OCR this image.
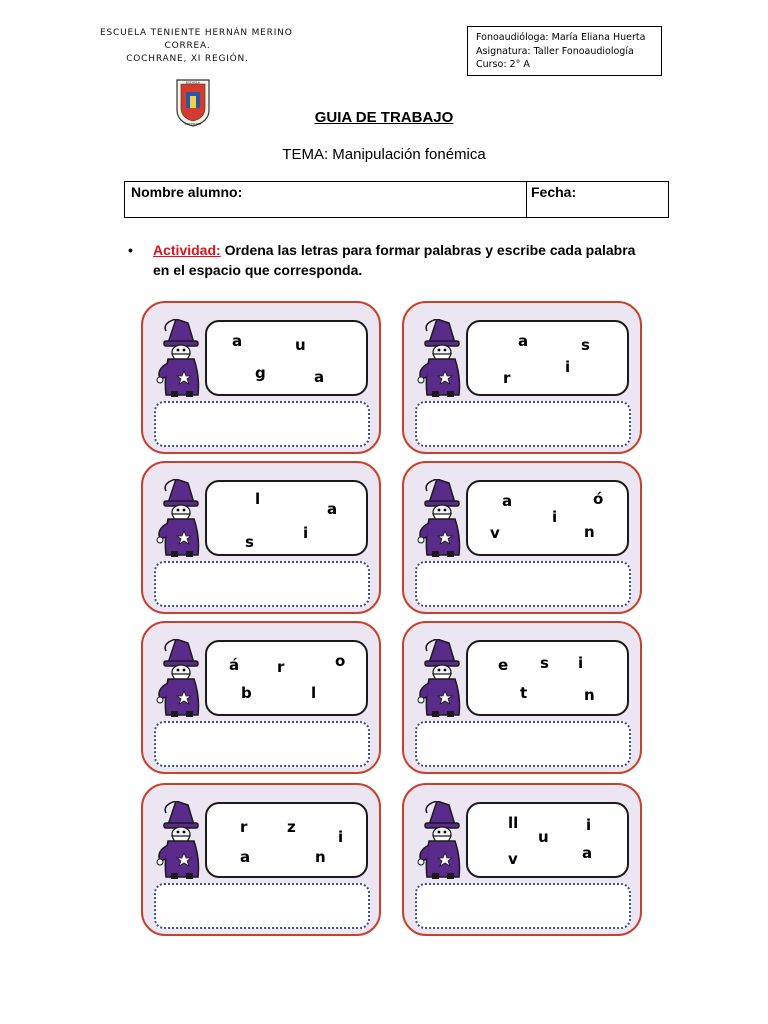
ESCUELA TENIENTE HERNÁN MERINO
CORREA.
COCHRANE, XI REGIÓN.
ESCUELA
COCHRANE
Fonoaudióloga: María Eliana Huerta
Asignatura: Taller Fonoaudiología
Curso: 2° A
GUIA DE TRABAJO
TEMA: Manipulación fonémica
Nombre alumno:	Fecha:
• Actividad: Ordena las letras para formar palabras y escribe cada palabra en el espacio que corresponda.
a	u
g	a
a	s
i
r
l
a
i
s
a	ó
i
v	n
á	r	o
b	l
e s i
t	n
r	z
i
a	n
ll	i
u
a
v
